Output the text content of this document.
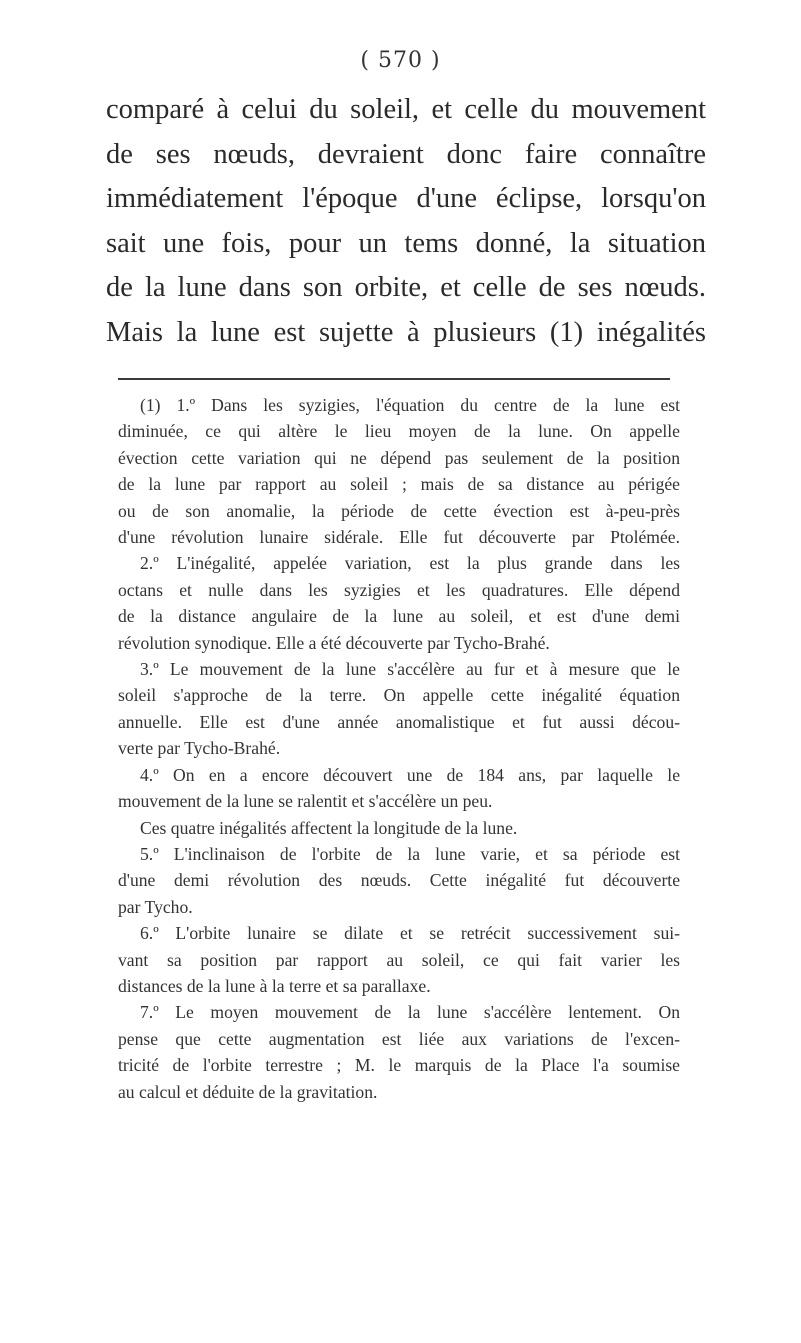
( 570 )
comparé à celui du soleil, et celle du mouvement
de ses nœuds, devraient donc faire connaître
immédiatement l'époque d'une éclipse, lorsqu'on
sait une fois, pour un tems donné, la situation
de la lune dans son orbite, et celle de ses nœuds.
Mais la lune est sujette à plusieurs (1) inégalités
(1) 1.º Dans les syzigies, l'équation du centre de la lune est
diminuée, ce qui altère le lieu moyen de la lune. On appelle
évection cette variation qui ne dépend pas seulement de la position
de la lune par rapport au soleil ; mais de sa distance au périgée
ou de son anomalie, la période de cette évection est à-peu-près
d'une révolution lunaire sidérale. Elle fut découverte par Ptolémée.
2.º L'inégalité, appelée variation, est la plus grande dans les
octans et nulle dans les syzigies et les quadratures. Elle dépend
de la distance angulaire de la lune au soleil, et est d'une demi
révolution synodique. Elle a été découverte par Tycho-Brahé.
3.º Le mouvement de la lune s'accélère au fur et à mesure que le
soleil s'approche de la terre. On appelle cette inégalité équation
annuelle. Elle est d'une année anomalistique et fut aussi décou-
verte par Tycho-Brahé.
4.º On en a encore découvert une de 184 ans, par laquelle le
mouvement de la lune se ralentit et s'accélère un peu.
Ces quatre inégalités affectent la longitude de la lune.
5.º L'inclinaison de l'orbite de la lune varie, et sa période est
d'une demi révolution des nœuds. Cette inégalité fut découverte
par Tycho.
6.º L'orbite lunaire se dilate et se retrécit successivement sui-
vant sa position par rapport au soleil, ce qui fait varier les
distances de la lune à la terre et sa parallaxe.
7.º Le moyen mouvement de la lune s'accélère lentement. On
pense que cette augmentation est liée aux variations de l'excen-
tricité de l'orbite terrestre ; M. le marquis de la Place l'a soumise
au calcul et déduite de la gravitation.
